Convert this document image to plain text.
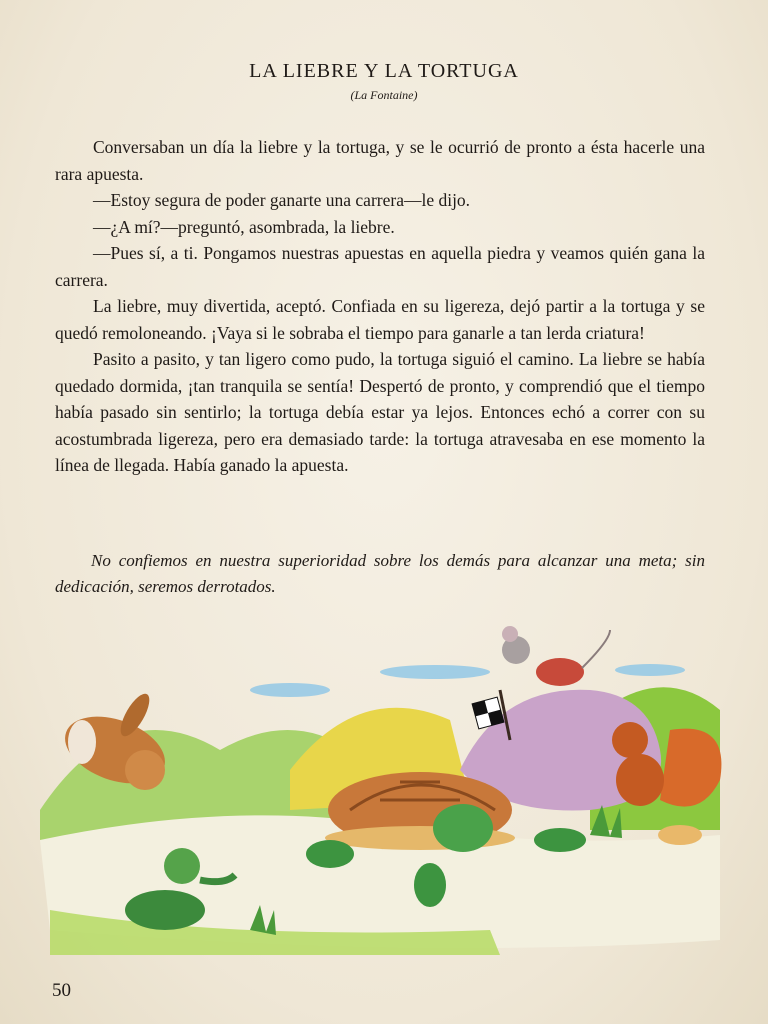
LA LIEBRE Y LA TORTUGA
(La Fontaine)

Conversaban un día la liebre y la tortuga, y se le ocurrió de pronto a ésta hacerle una rara apuesta.

—Estoy segura de poder ganarte una carrera—le dijo.

—¿A mí?—preguntó, asombrada, la liebre.

—Pues sí, a ti. Pongamos nuestras apuestas en aquella piedra y veamos quién gana la carrera.

La liebre, muy divertida, aceptó. Confiada en su ligereza, dejó partir a la tortuga y se quedó remoloneando. ¡Vaya si le sobraba el tiempo para ganarle a tan lerda criatura!

Pasito a pasito, y tan ligero como pudo, la tortuga siguió el camino. La liebre se había quedado dormida, ¡tan tranquila se sentía! Despertó de pronto, y comprendió que el tiempo había pasado sin sentirlo; la tortuga debía estar ya lejos. Entonces echó a correr con su acostumbrada ligereza, pero era demasiado tarde: la tortuga atravesaba en ese momento la línea de llegada. Había ganado la apuesta.

No confiemos en nuestra superioridad sobre los demás para alcanzar una meta; sin dedicación, seremos derrotados.
50
